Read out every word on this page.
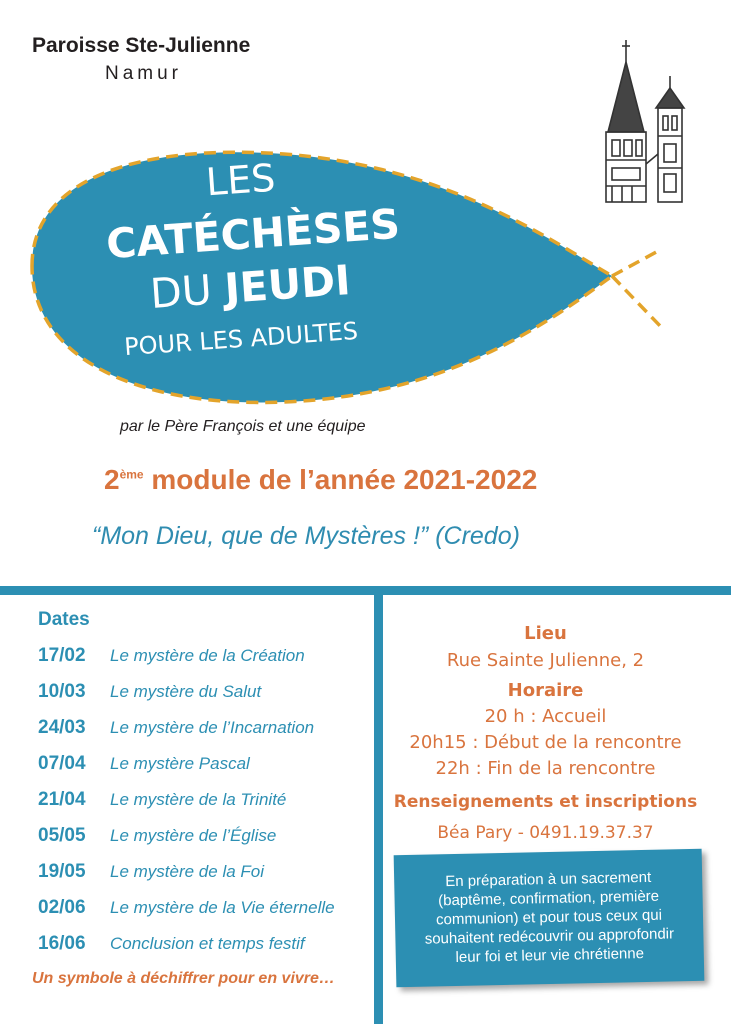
Paroisse Ste-Julienne
Namur
LES
CATÉCHÈSES
DU JEUDI
POUR LES ADULTES
par le Père François et une équipe
2ème module de l’année 2021-2022
“Mon Dieu, que de Mystères !” (Credo)
Dates
17/02 Le mystère de la Création
10/03 Le mystère du Salut
24/03 Le mystère de l’Incarnation
07/04 Le mystère Pascal
21/04 Le mystère de la Trinité
05/05 Le mystère de l’Église
19/05 Le mystère de la Foi
02/06 Le mystère de la Vie éternelle
16/06 Conclusion et temps festif
Un symbole à déchiffrer pour en vivre…
Lieu
Rue Sainte Julienne, 2
Horaire
20 h : Accueil
20h15 : Début de la rencontre
22h : Fin de la rencontre
Renseignements et inscriptions
Béa Pary - 0491.19.37.37
En préparation à un sacrement
(baptême, confirmation, première
communion) et pour tous ceux qui
souhaitent redécouvrir ou approfondir
leur foi et leur vie chrétienne
